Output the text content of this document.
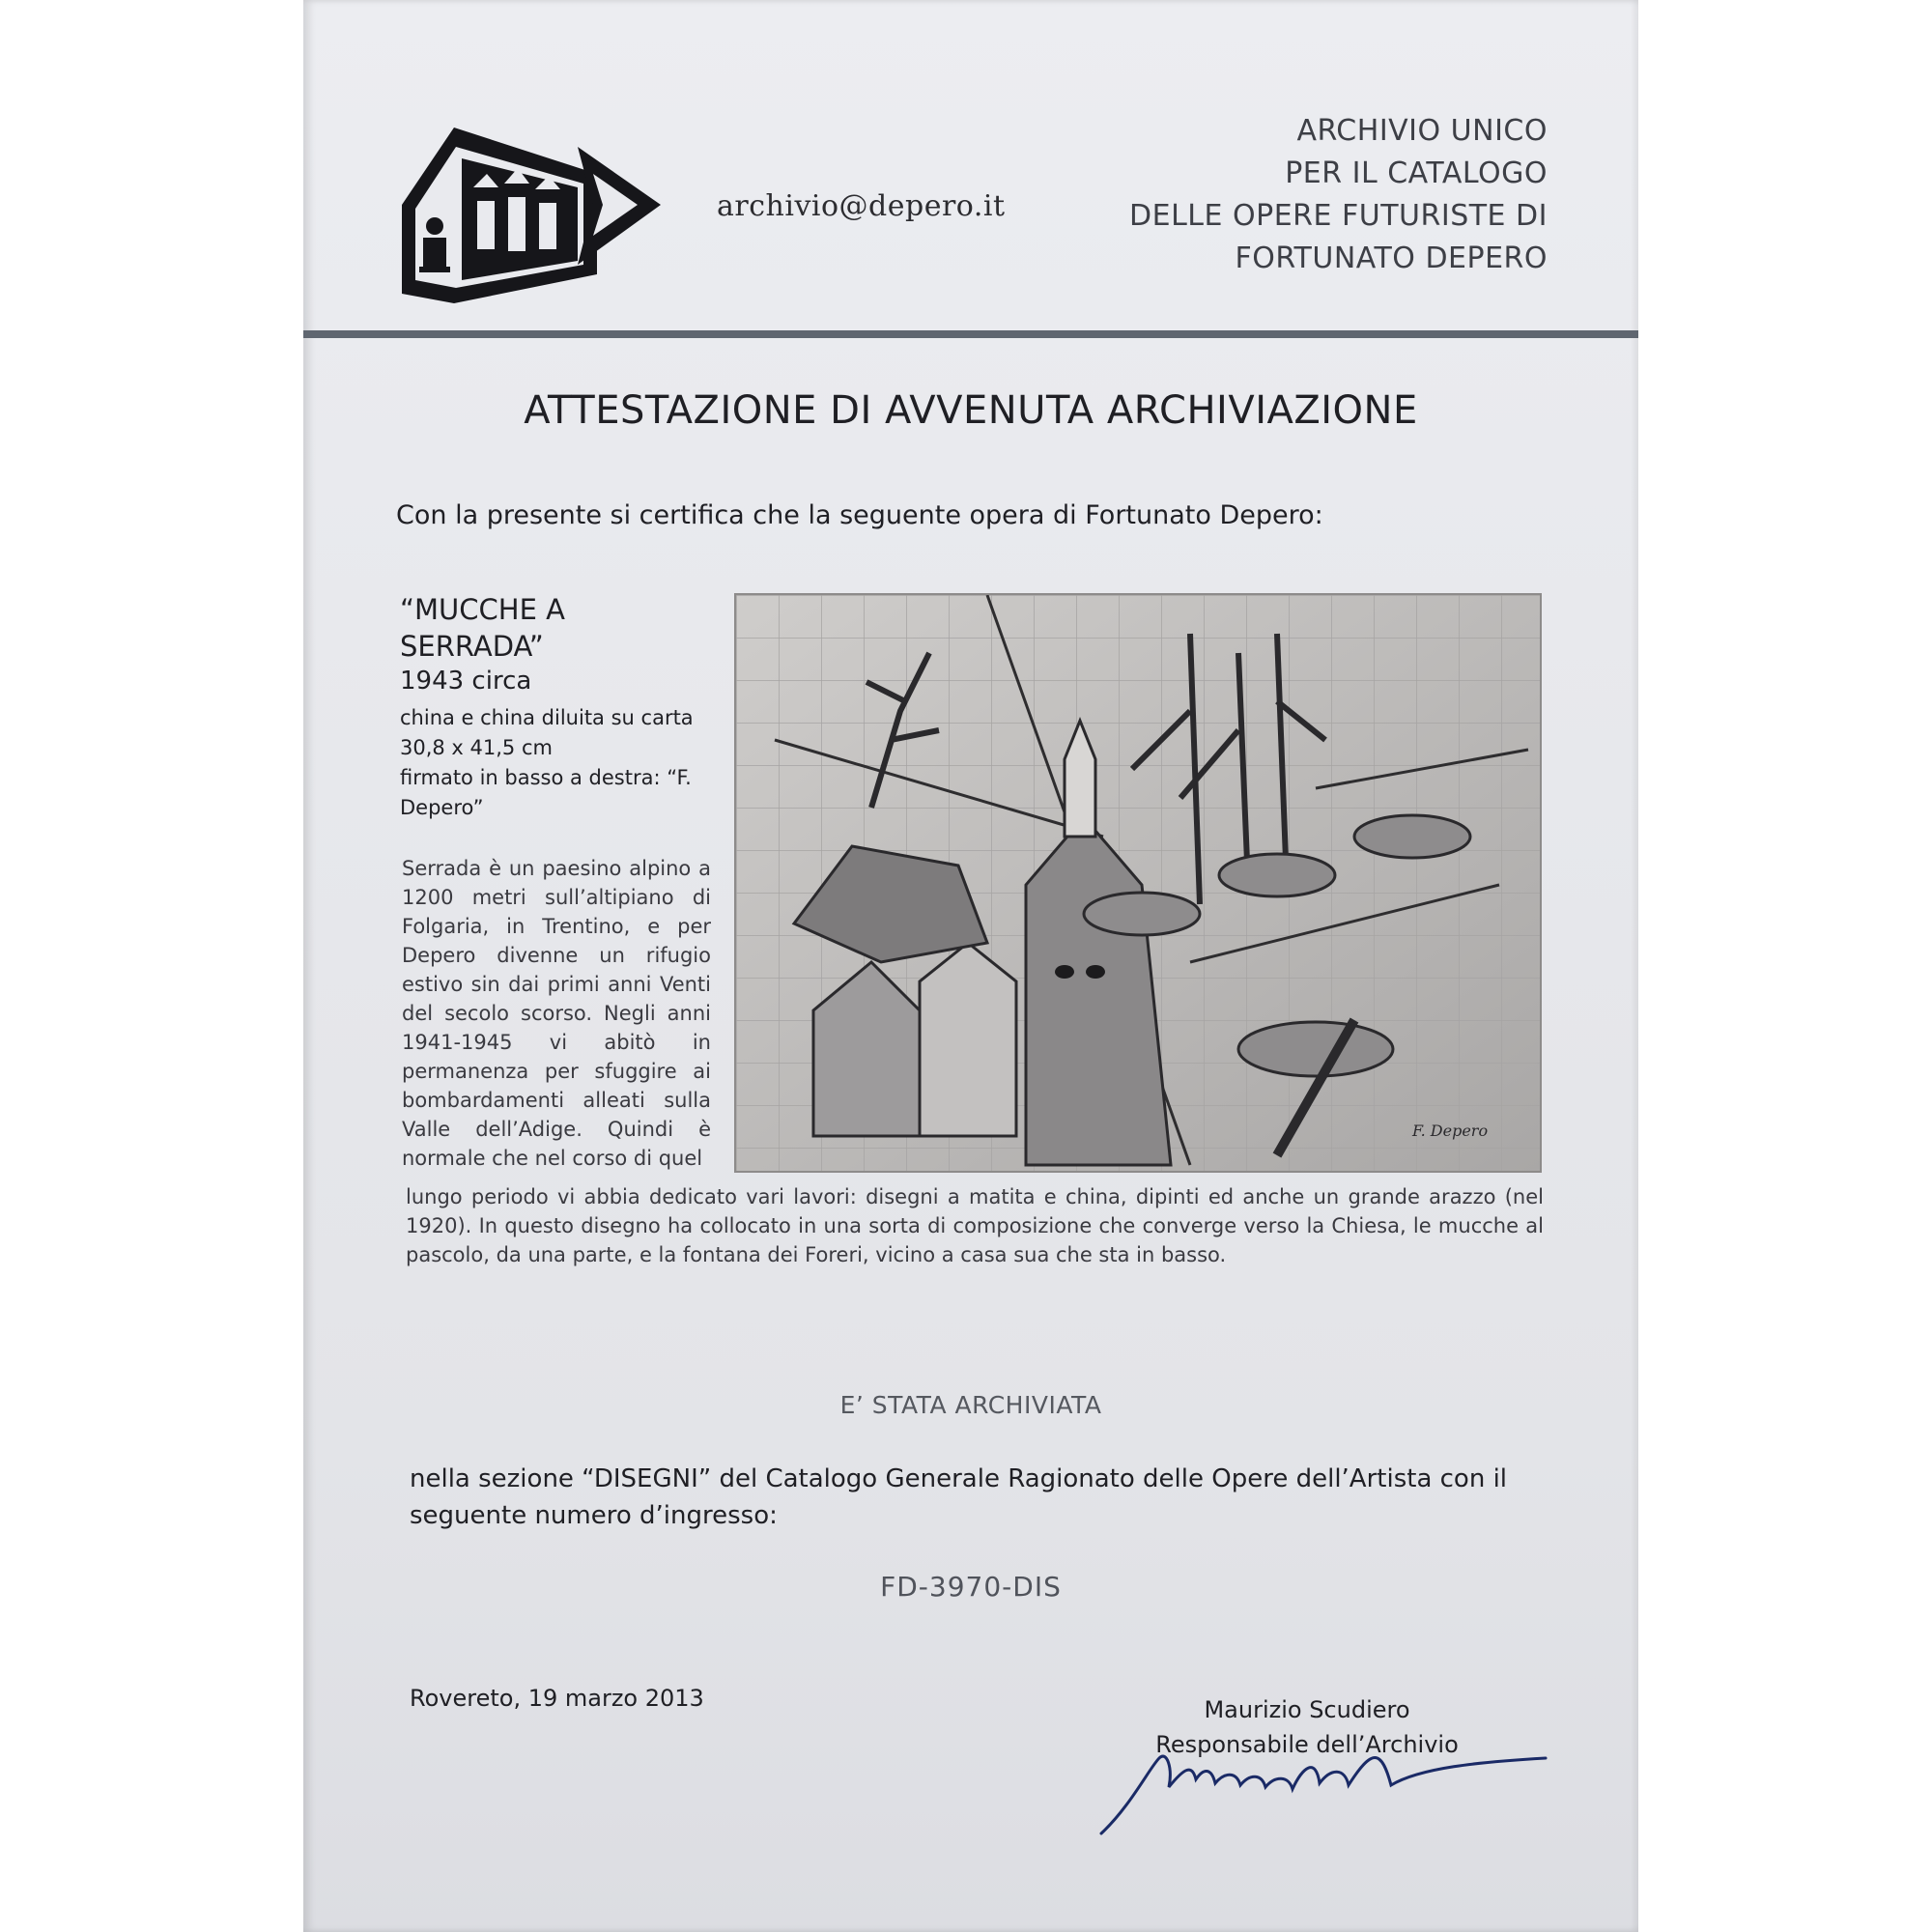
archivio@depero.it
ARCHIVIO UNICO
PER IL CATALOGO
DELLE OPERE FUTURISTE DI
FORTUNATO DEPERO
ATTESTAZIONE DI AVVENUTA ARCHIVIAZIONE
Con la presente si certifica che la seguente opera di Fortunato Depero:
“MUCCHE A
SERRADA”
1943 circa
china e china diluita su carta
30,8 x 41,5 cm
firmato in basso a destra: “F.
Depero”
F. Depero
Serrada è un paesino alpino a 1200 metri sull’altipiano di Folgaria, in Trentino, e per Depero divenne un rifugio estivo sin dai primi anni Venti del secolo scorso. Negli anni 1941-1945 vi abitò in permanenza per sfuggire ai bombardamenti alleati sulla Valle dell’Adige. Quindi è normale che nel corso di quel
lungo periodo vi abbia dedicato vari lavori: disegni a matita e china, dipinti ed anche un grande arazzo (nel 1920). In questo disegno ha collocato in una sorta di composizione che converge verso la Chiesa, le mucche al pascolo, da una parte, e la fontana dei Foreri, vicino a casa sua che sta in basso.
E’ STATA ARCHIVIATA
nella sezione “DISEGNI” del Catalogo Generale Ragionato delle Opere dell’Artista con il seguente numero d’ingresso:
FD-3970-DIS
Rovereto, 19 marzo 2013	Maurizio Scudiero
Responsabile dell’Archivio
